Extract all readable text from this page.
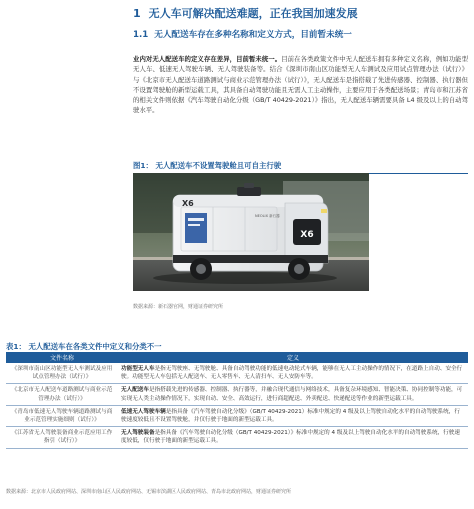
1 无人车可解决配送难题，正在我国加速发展
1.1 无人配送车存在多种名称和定义方式，目前暂未统一

业内对无人配送车的定义存在差异，目前暂未统一。目前在各类政策文件中无人配送车拥有多种定义名称，例如功能型无人车、低速无人驾驶车辆、无人驾驶装备等。结合《深圳市南山区功能型无人车测试及应用试点管理办法（试行）》与《北京市无人配送车道路测试与商业示范管理办法（试行）》，无人配送车是指搭载了先进传感器、控制器、执行器但不设置驾驶舱的新型运载工具，其具备自动驾驶功能且无需人工主动操作，主要应用于各类配送场景；青岛市和江苏省的相关文件则依据《汽车驾驶自动化分级（GB/T 40429-2021）》指出，无人配送车辆需要具备 L4 级及以上的自动驾驶水平。

图1： 无人配送车不设置驾驶舱且可自主行驶
X6
X6
NEOLIX 新石器
数据来源：新石器官网，财通证券研究所
表1： 无人配送车在各类文件中定义和分类不一
文件名称	定义
《深圳市南山区功能型无人车测试及应用试点管理办法（试行）》	功能型无人车是指无驾驶座、无驾驶舱、具备自动驾驶功能的低速电动轮式车辆，能够在无人工主动操作的情况下，在道路上自动、安全行驶。功能型无人车包括无人配送车、无人零售车、无人清扫车、无人安防车等。
《北京市无人配送车道路测试与商业示范管理办法（试行）》	无人配送车是指搭载先进的传感器、控制器、执行器等，并融合现代通信与网络技术，具备复杂环境感知、智能决策、协同控制等功能，可实现无人类主动操作情况下，实现自动、安全、高效运行，进行商超配送、外卖配送、快递配送等作业的新型运载工具。
《青岛市低速无人驾驶车辆道路测试与商业示范管理实施细则（试行）》	低速无人驾驶车辆是指具备《汽车驾驶自动化分级》（GB/T 40429-2021）标准中规定的 4 级及以上驾驶自动化水平的自动驾驶系统，行驶速度较低且不设置驾驶舱，并仅行驶于地面的新型运载工具。
《江苏省无人驾驶装备商业示范应用工作指引（试行）》	无人驾驶装备是指具备《汽车驾驶自动化分级（GB/T 40429-2021）》标准中规定的 4 级及以上驾驶自动化水平的自动驾驶系统，行驶速度较低，仅行驶于地面的新型运载工具。
数据来源：北京市人民政府网站、深圳市南山区人民政府网站、无锡市滨湖区人民政府网站、青岛市北政府网站，财通证券研究所
